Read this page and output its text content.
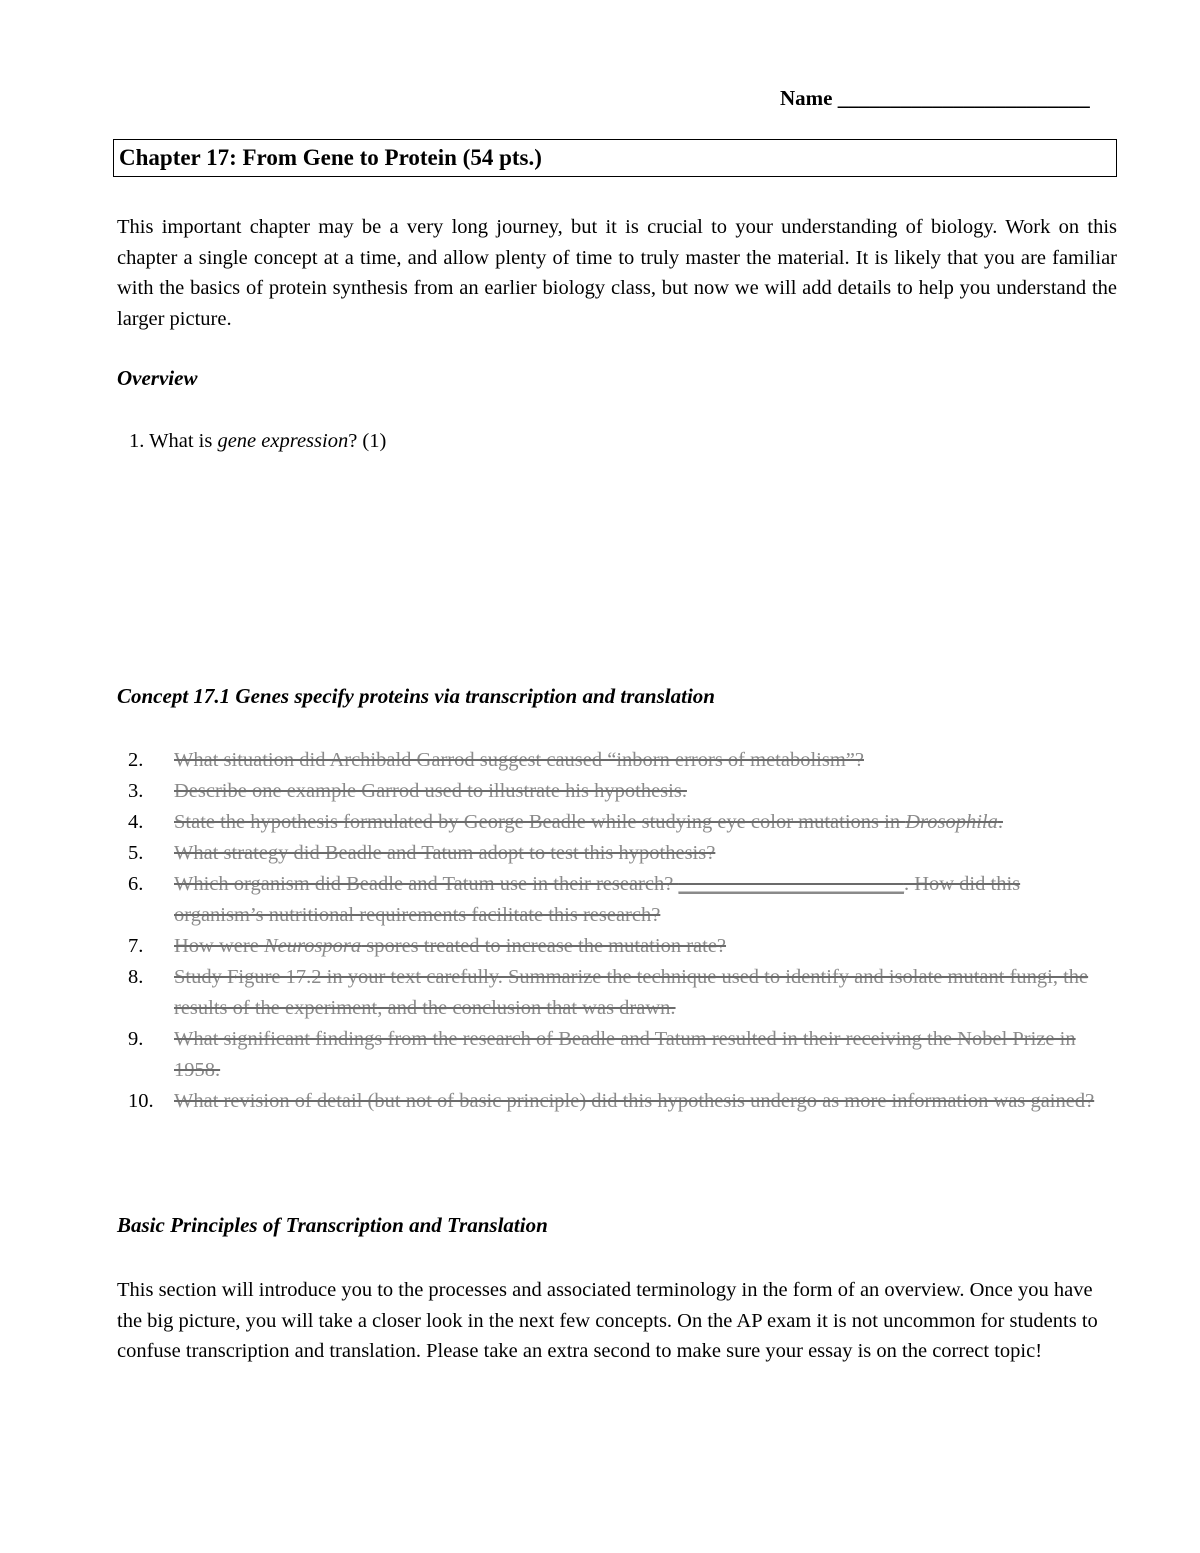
Name ________________________
Chapter 17: From Gene to Protein (54 pts.)
This important chapter may be a very long journey, but it is crucial to your understanding of biology. Work on this chapter a single concept at a time, and allow plenty of time to truly master the material. It is likely that you are familiar with the basics of protein synthesis from an earlier biology class, but now we will add details to help you understand the larger picture.
Overview
1. What is gene expression? (1)
Concept 17.1 Genes specify proteins via transcription and translation
2.	What situation did Archibald Garrod suggest caused “inborn errors of metabolism”?
3.	Describe one example Garrod used to illustrate his hypothesis.
4.	State the hypothesis formulated by George Beadle while studying eye color mutations in Drosophila.
5.	What strategy did Beadle and Tatum adopt to test this hypothesis?
6.	Which organism did Beadle and Tatum use in their research? ______________________. How did this organism’s nutritional requirements facilitate this research?
7.	How were Neurospora spores treated to increase the mutation rate?
8.	Study Figure 17.2 in your text carefully. Summarize the technique used to identify and isolate mutant fungi, the results of the experiment, and the conclusion that was drawn.
9.	What significant findings from the research of Beadle and Tatum resulted in their receiving the Nobel Prize in 1958.
10. What revision of detail (but not of basic principle) did this hypothesis undergo as more information was gained?
Basic Principles of Transcription and Translation
This section will introduce you to the processes and associated terminology in the form of an overview. Once you have the big picture, you will take a closer look in the next few concepts. On the AP exam it is not uncommon for students to confuse transcription and translation. Please take an extra second to make sure your essay is on the correct topic!
